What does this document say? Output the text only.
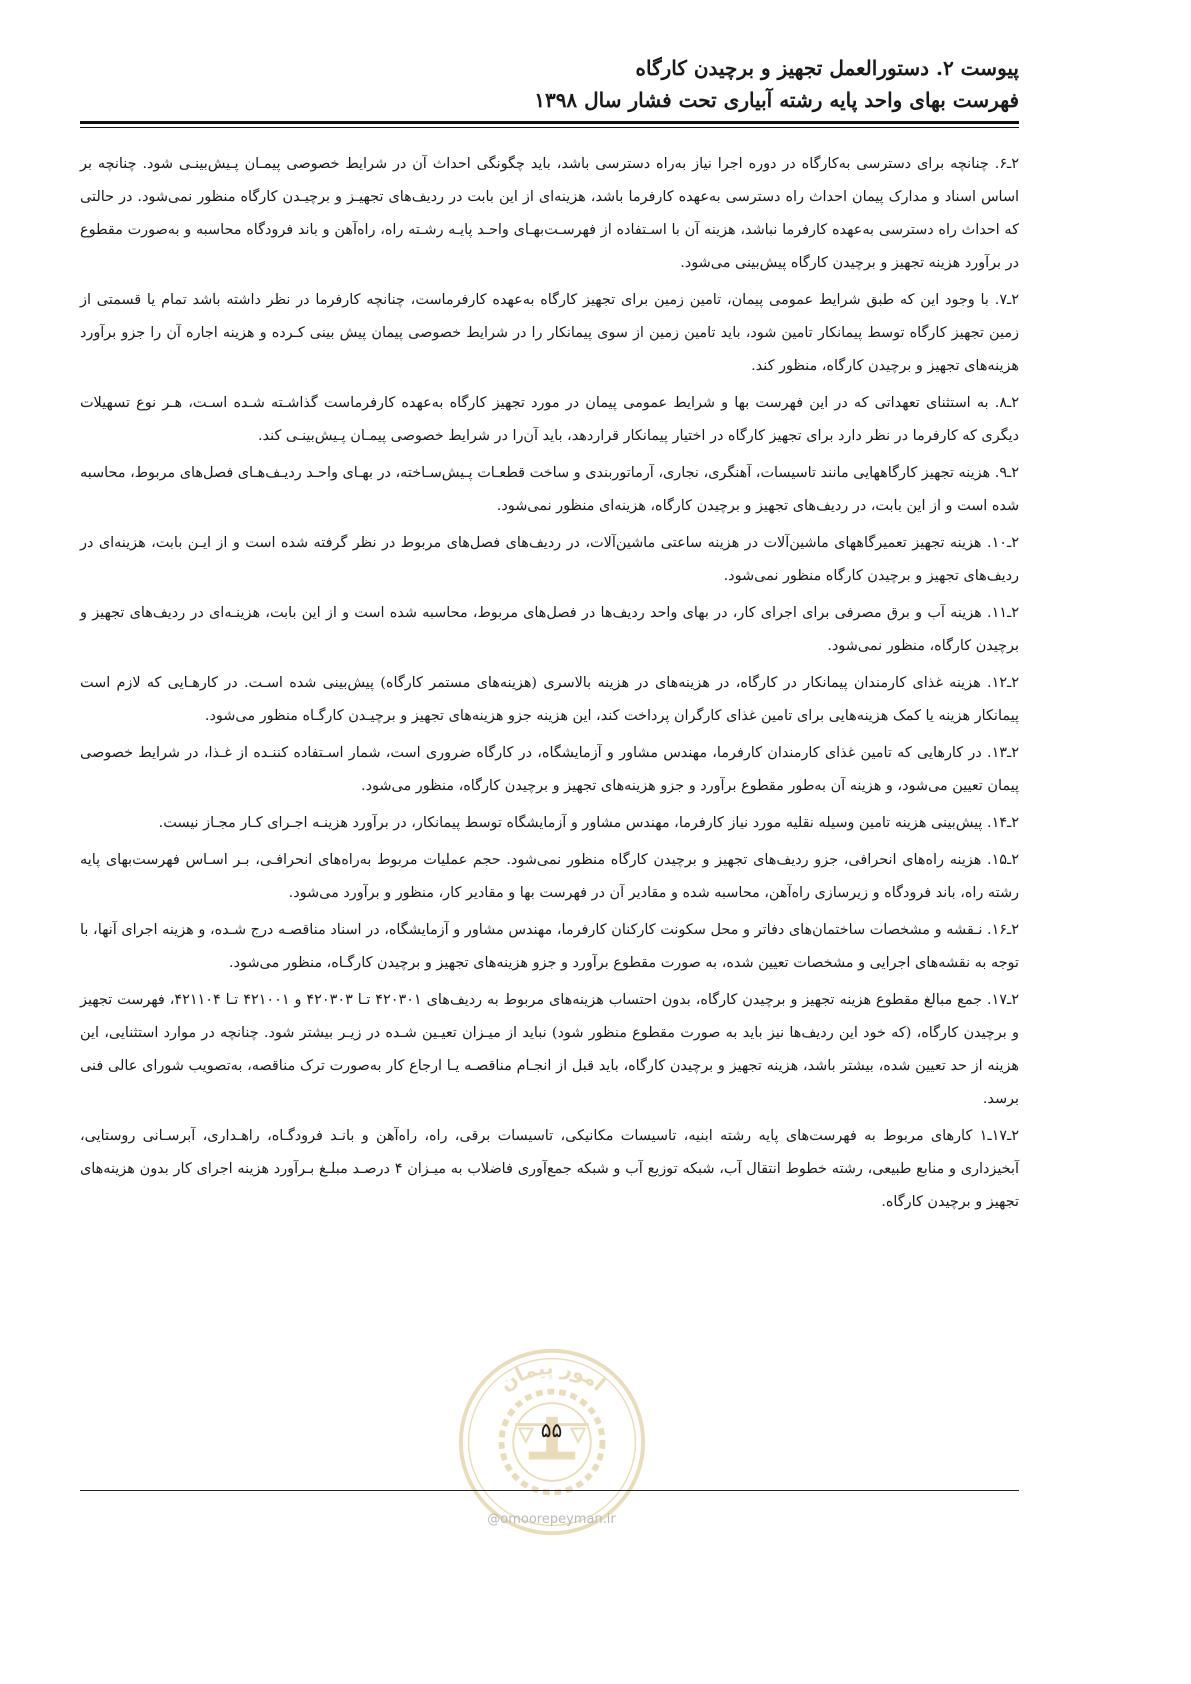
پیوست ۲. دستورالعمل تجهیز و برچیدن کارگاه
فهرست بهای واحد پایه رشته آبیاری تحت فشار سال ۱۳۹۸

۲ـ۶. چنانچه برای دسترسی به‌کارگاه در دوره اجرا نیاز به‌راه دسترسی باشد، باید چگونگی احداث آن در شرایط خصوصی پیمـان پـیش‌بینـی شود. چنانچه بر اساس اسناد و مدارک پیمان احداث راه دسترسی به‌عهده کارفرما باشد، هزینه‌ای از این بابت در ردیف‌های تجهیـز و برچیـدن کارگاه منظور نمی‌شود. در حالتی که احداث راه دسترسی به‌عهده کارفرما نباشد، هزینه آن با اسـتفاده از فهرسـت‌بهـای واحـد پایـه رشـته راه، راه‌آهن و باند فرودگاه محاسبه و به‌صورت مقطوع در برآورد هزینه تجهیز و برچیدن کارگاه پیش‌بینی می‌شود.

۲ـ۷. با وجود این که طبق شرایط عمومی پیمان، تامین زمین برای تجهیز کارگاه به‌عهده کارفرماست، چنانچه کارفرما در نظر داشته باشد تمام یا قسمتی از زمین تجهیز کارگاه توسط پیمانکار تامین شود، باید تامین زمین از سوی پیمانکار را در شرایط خصوصی پیمان پیش بینی کـرده و هزینه اجاره آن را جزو برآورد هزینه‌های تجهیز و برچیدن کارگاه، منظور کند.

۲ـ۸. به استثنای تعهداتی که در این فهرست بها و شرایط عمومی پیمان در مورد تجهیز کارگاه به‌عهده کارفرماست گذاشـته شـده اسـت، هـر نوع تسهیلات دیگری که کارفرما در نظر دارد برای تجهیز کارگاه در اختیار پیمانکار قراردهد، باید آن‌را در شرایط خصوصی پیمـان پـیش‌بینـی کند.

۲ـ۹. هزینه تجهیز کارگاههایی مانند تاسیسات، آهنگری، نجاری، آرماتوربندی و ساخت قطعـات پـیش‌سـاخته، در بهـای واحـد ردیـف‌هـای فصل‌های مربوط، محاسبه شده است و از این بابت، در ردیف‌های تجهیز و برچیدن کارگاه، هزینه‌ای منظور نمی‌شود.

۲ـ۱۰. هزینه تجهیز تعمیرگاههای ماشین‌آلات در هزینه ساعتی ماشین‌آلات، در ردیف‌های فصل‌های مربوط در نظر گرفته شده است و از ایـن بابت، هزینه‌ای در ردیف‌های تجهیز و برچیدن کارگاه منظور نمی‌شود.

۲ـ۱۱. هزینه آب و برق مصرفی برای اجرای کار، در بهای واحد ردیف‌ها در فصل‌های مربوط، محاسبه شده است و از این بابت، هزینـه‌ای در ردیف‌های تجهیز و برچیدن کارگاه، منظور نمی‌شود.

۲ـ۱۲. هزینه غذای کارمندان پیمانکار در کارگاه، در هزینه‌های در هزینه بالاسری (هزینه‌های مستمر کارگاه) پیش‌بینی شده اسـت. در کارهـایی که لازم است پیمانکار هزینه یا کمک هزینه‌هایی برای تامین غذای کارگران پرداخت کند، این هزینه جزو هزینه‌های تجهیز و برچیـدن کارگـاه منظور می‌شود.

۲ـ۱۳. در کارهایی که تامین غذای کارمندان کارفرما، مهندس مشاور و آزمایشگاه، در کارگاه ضروری است، شمار اسـتفاده کننـده از غـذا، در شرایط خصوصی پیمان تعیین می‌شود، و هزینه آن به‌طور مقطوع برآورد و جزو هزینه‌های تجهیز و برچیدن کارگاه، منظور می‌شود.

۲ـ۱۴. پیش‌بینی هزینه تامین وسیله نقلیه مورد نیاز کارفرما، مهندس مشاور و آزمایشگاه توسط پیمانکار، در برآورد هزینـه اجـرای کـار مجـاز نیست.

۲ـ۱۵. هزینه راه‌های انحرافی، جزو ردیف‌های تجهیز و برچیدن کارگاه منظور نمی‌شود. حجم عملیات مربوط به‌راه‌های انحرافـی، بـر اسـاس فهرست‌بهای پایه رشته راه، باند فرودگاه و زیرسازی راه‌آهن، محاسبه شده و مقادیر آن در فهرست بها و مقادیر کار، منظور و برآورد می‌شود.

۲ـ۱۶. نـقشه و مشخصات ساختمان‌های دفاتر و محل سکونت کارکنان کارفرما، مهندس مشاور و آزمایشگاه، در اسناد مناقصـه درج شـده، و هزینه اجرای آنها، با توجه به نقشه‌های اجرایی و مشخصات تعیین شده، به صورت مقطوع برآورد و جزو هزینه‌های تجهیز و برچیدن کارگـاه، منظور می‌شود.

۲ـ۱۷. جمع مبالغ مقطوع هزینه تجهیز و برچیدن کارگاه، بدون احتساب هزینه‌های مربوط به ردیف‌های ۴۲۰۳۰۱ تـا ۴۲۰۳۰۳ و ۴۲۱۰۰۱ تـا ۴۲۱۱۰۴، فهرست تجهیز و برچیدن کارگاه، (که خود این ردیف‌ها نیز باید به صورت مقطوع منظور شود) نباید از میـزان تعیـین شـده در زیـر بیشتر شود. چنانچه در موارد استثنایی، این هزینه از حد تعیین شده، بیشتر باشد، هزینه تجهیز و برچیدن کارگاه، باید قبل از انجـام مناقصـه یـا ارجاع کار به‌صورت ترک مناقصه، به‌تصویب شورای عالی فنی برسد.

۲ـ۱۷ـ۱ کارهای مربوط به فهرست‌های پایه رشته ابنیه، تاسیسات مکانیکی، تاسیسات برقی، راه، راه‌آهن و بانـد فرودگـاه، راهـداری، آبرسـانی روستایی، آبخیزداری و منابع طبیعی، رشته خطوط انتقال آب، شبکه توزیع آب و شبکه جمع‌آوری فاضلاب به میـزان ۴ درصـد مبلـغ بـرآورد هزینه اجرای کار بدون هزینه‌های تجهیز و برچیدن کارگاه.

امور پیمان
۵۵
@omoorepeyman.ir
